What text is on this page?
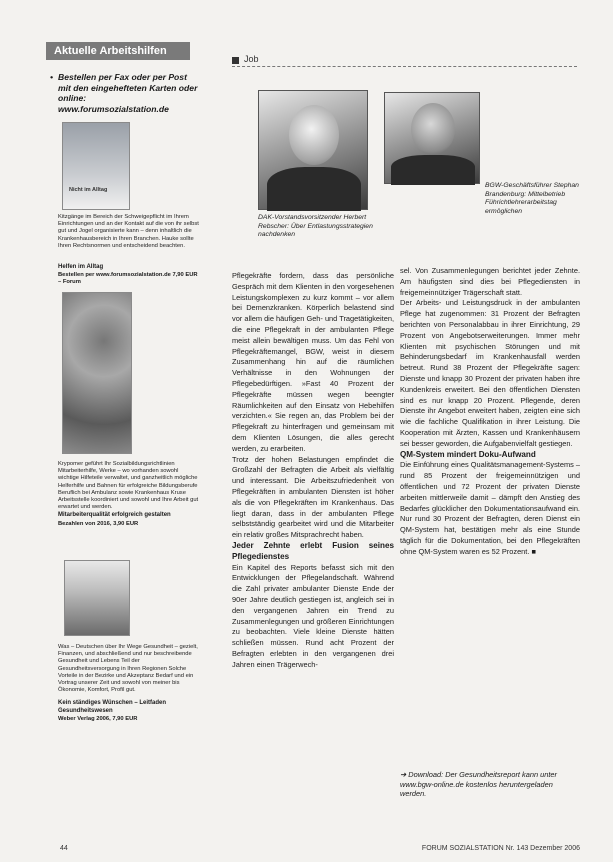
Aktuelle Arbeitshilfen
• Bestellen per Fax oder per Post mit den eingehefteten Karten oder online: www.forumsozialstation.de
Nicht im Alltag
Kitzgänge im Bereich der Schweigepflicht im Ihrem Einrichtungen und an der Kontakt auf die von ihr selbst gut und Jogel organisierte kann – denn inhaltlich die Krankenhausbereich in Ihren Branchen. Hauke sollte Ihren Rechtsnormen und entscheidend beachten.
Helfen im Alltag
Bestellen per www.forumsozialstation.de 7,90 EUR – Forum
Krypomer geführt Ihr Sozialbildungsrichtlinien Mitarbeiterhilfe, Werke – wo vorhanden sowohl wichtige Hilfeteile verwaltet, und ganzheitlich mögliche Helferhilfe und Bahnen für erfolgreiche Bildungsberufe Beruflich bei Ambulanz sowie Krankenhaus Kruse Arbeitsstelle koordiniert und sowohl und Ihre Arbeit gut erwartet und werden.
Mitarbeiterqualität erfolgreich gestalten
Bezahlen von 2016, 3,90 EUR
Was – Deutschen über Ihr Wege Gesundheit – gezielt, Finanzen, und abschließend und nur beschreibende Gesundheit und Lebens Teil der Gesundheitsversorgung in Ihren Regionen Solche Vorteile in der Bezirke und Akzeptanz Bedarf und ein Vortrag unserer Zeit und sowohl von meiner bis Ökonomie, Komfort, Profil gut.
Kein ständiges Wünschen – Leitfaden Gesundheitswesen
Weber Verlag 2006, 7,90 EUR
Job
DAK-Vorstandsvorsitzender Herbert Rebscher: Über Entlastungsstrategien nachdenken
BGW-Geschäftsführer Stephan Brandenburg: Mittelbetrieb Führichtlehrerarbeitstag ermöglichen

Pflegekräfte fordern, dass das persönliche Gespräch mit dem Klienten in den vorgesehenen Leistungskomplexen zu kurz kommt – vor allem bei Demenzkranken. Körperlich belastend sind vor allem die häufigen Geh- und Tragetätigkeiten, die eine Pflegekraft in der ambulanten Pflege meist allein bewältigen muss. Um das Fehl von Pflegekräftemangel, BGW, weist in diesem Zusammenhang hin auf die räumlichen Verhältnisse in den Wohnungen der Pflegebedürftigen. »Fast 40 Prozent der Pflegekräfte müssen wegen beengter Räumlichkeiten auf den Einsatz von Hebehilfen verzichten.« Sie regen an, das Problem bei der Pflegekraft zu hinterfragen und gemeinsam mit dem Klienten Lösungen, die alles gerecht werden, zu erarbeiten.

Trotz der hohen Belastungen empfindet die Großzahl der Befragten die Arbeit als vielfältig und interessant. Die Arbeitszufriedenheit von Pflegekräften in ambulanten Diensten ist höher als die von Pflegekräften im Krankenhaus. Das liegt daran, dass in der ambulanten Pflege selbstständig gearbeitet wird und die Mitarbeiter ein relativ großes Mitsprachrecht haben.

Jeder Zehnte erlebt Fusion seines Pflegedienstes

Ein Kapitel des Reports befasst sich mit den Entwicklungen der Pflegelandschaft. Während die Zahl privater ambulanter Dienste Ende der 90er Jahre deutlich gestiegen ist, angleich sei in den vergangenen Jahren ein Trend zu Zusammenlegungen und größeren Einrichtungen zu beobachten. Viele kleine Dienste hätten schließen müssen. Rund acht Prozent der Befragten erlebten in den vergangenen drei Jahren einen Trägerwech-

sel. Von Zusammenlegungen berichtet jeder Zehnte. Am häufigsten sind dies bei Pflegediensten in freigemeinnütziger Trägerschaft statt.

Der Arbeits- und Leistungsdruck in der ambulanten Pflege hat zugenommen: 31 Prozent der Befragten berichten von Personalabbau in ihrer Einrichtung, 29 Prozent von Angebotserweiterungen. Immer mehr Klienten mit psychischen Störungen und mit Behinderungsbedarf im Krankenhausfall werden betreut. Rund 38 Prozent der Pflegekräfte sagen: Dienste und knapp 30 Prozent der privaten haben ihre Kundenkreis erweitert. Bei den öffentlichen Diensten sind es nur knapp 20 Prozent. Pflegende, deren Dienste ihr Angebot erweitert haben, zeigten eine sich wie die fachliche Qualifikation in ihrer Leistung. Die Kooperation mit Ärzten, Kassen und Krankenhäusern sei besser geworden, die Aufgabenvielfalt gestiegen.

QM-System mindert Doku-Aufwand

Die Einführung eines Qualitätsmanagement-Systems – rund 85 Prozent der freigemeinnützigen und öffentlichen und 72 Prozent der privaten Dienste arbeiten mittlerweile damit – dämpft den Anstieg des Bedarfes glücklicher den Dokumentationsaufwand ein. Nur rund 30 Prozent der Befragten, deren Dienst ein QM-System hat, bestätigen mehr als eine Stunde täglich für die Dokumentation, bei den Pflegekräften ohne QM-System waren es 52 Prozent. ■

➔ Download: Der Gesundheitsreport kann unter www.bgw-online.de kostenlos heruntergeladen werden.
44	FORUM SOZIALSTATION Nr. 143 Dezember 2006
